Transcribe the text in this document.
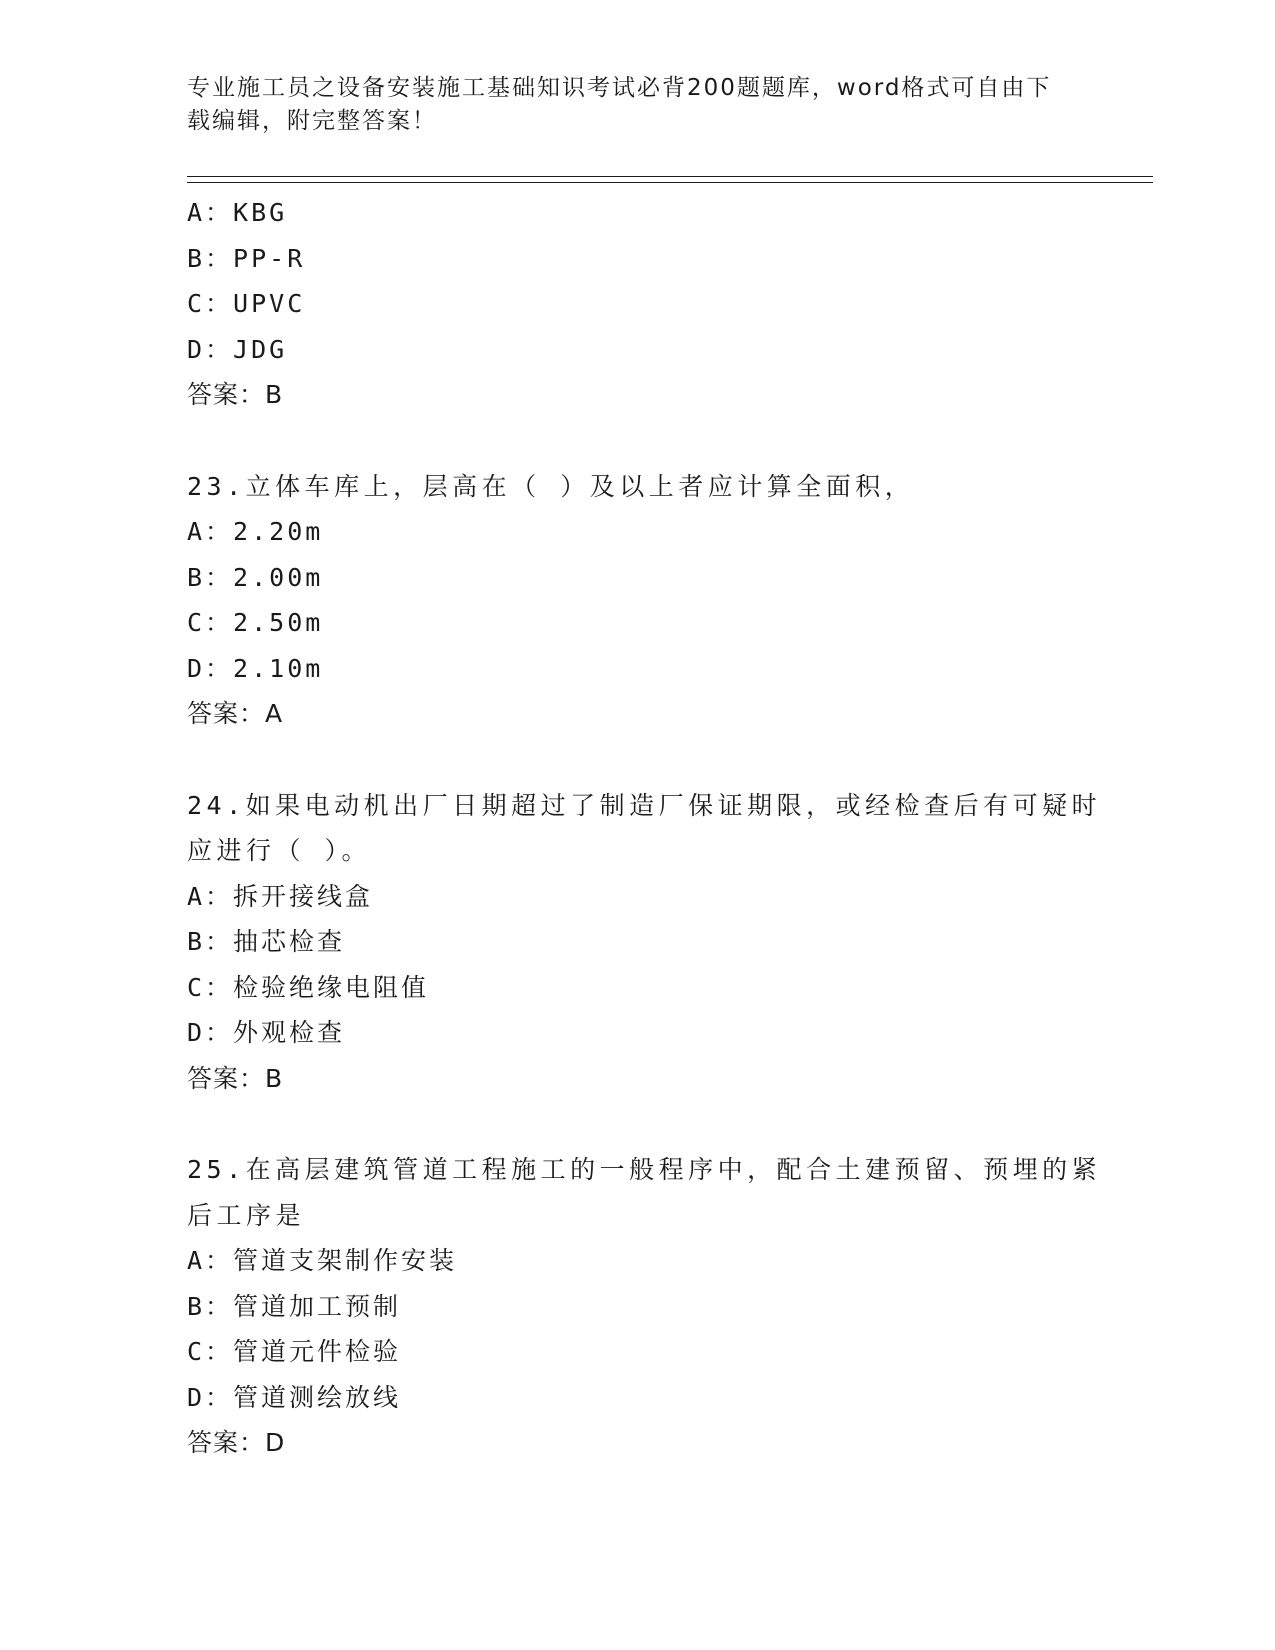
专业施工员之设备安装施工基础知识考试必背200题题库，word格式可自由下载编辑，附完整答案！
A：KBG
B：PP-R
C：UPVC
D：JDG
答案：B
23.立体车库上，层高在（ ）及以上者应计算全面积，
A：2.20m
B：2.00m
C：2.50m
D：2.10m
答案：A
24.如果电动机出厂日期超过了制造厂保证期限，或经检查后有可疑时
应进行（ ）。
A：拆开接线盒
B：抽芯检查
C：检验绝缘电阻值
D：外观检查
答案：B
25.在高层建筑管道工程施工的一般程序中，配合土建预留、预埋的紧
后工序是
A：管道支架制作安装
B：管道加工预制
C：管道元件检验
D：管道测绘放线
答案：D
